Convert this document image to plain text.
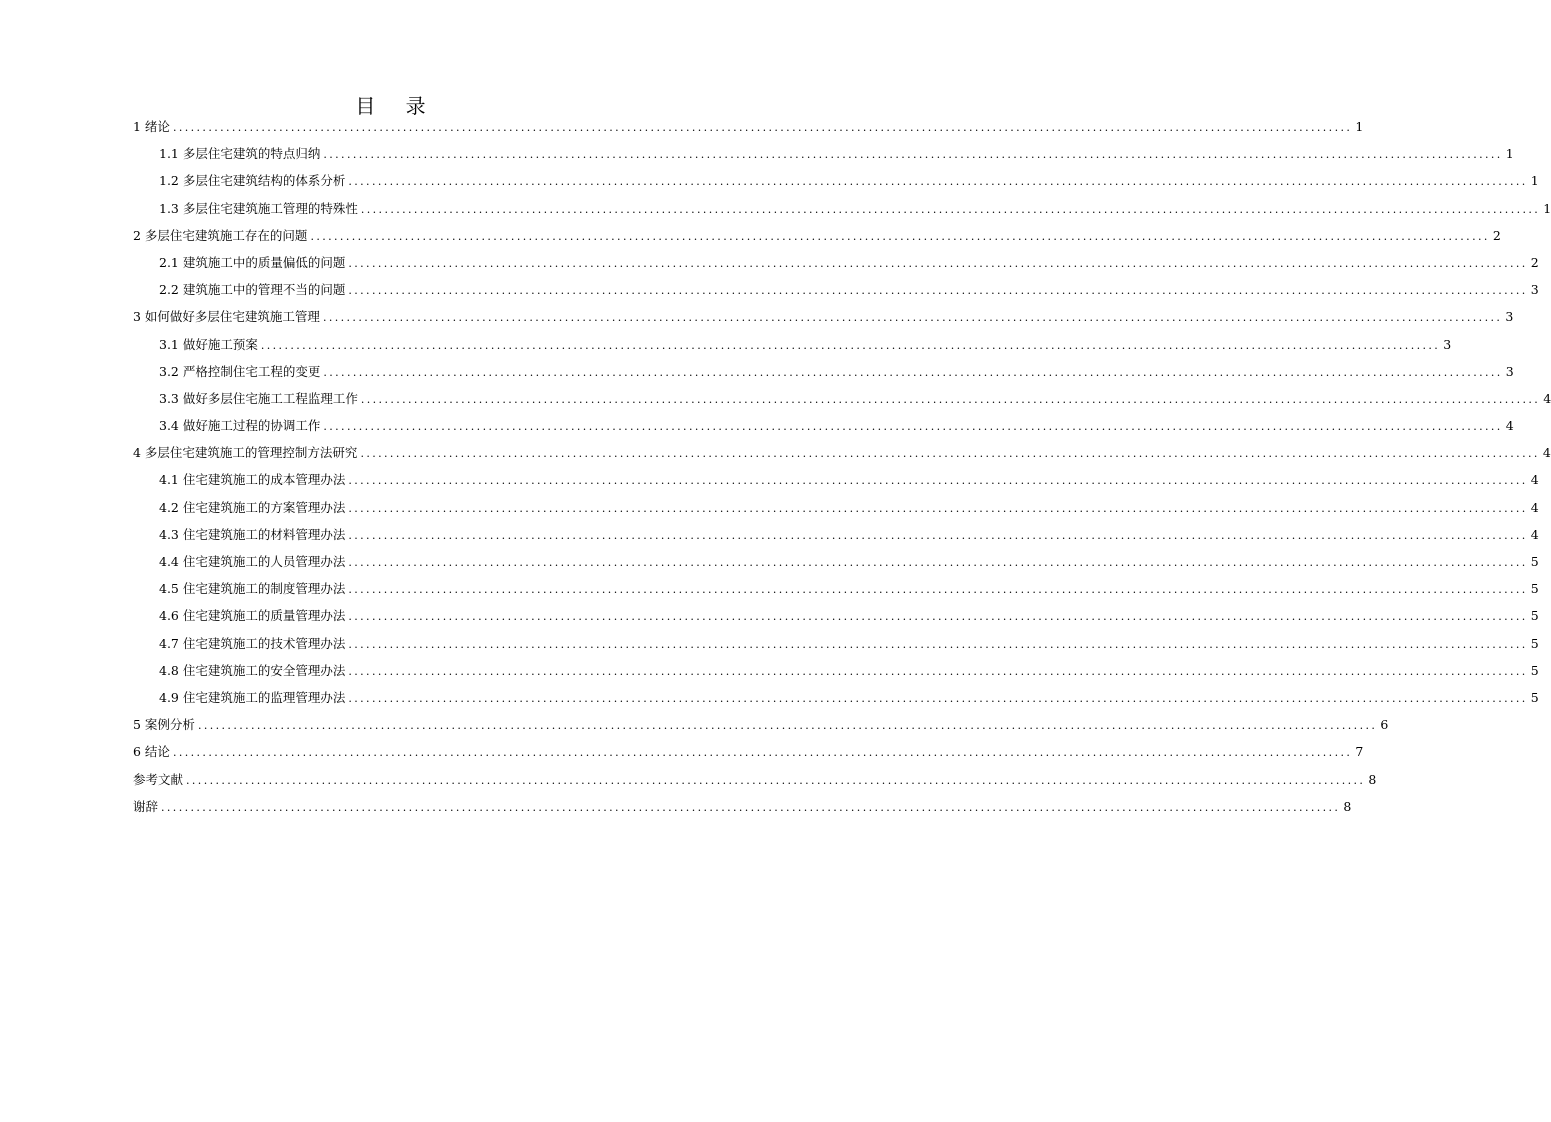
目 录
1 绪论 ........................................................................................................................................................................................................ 1
1.1 多层住宅建筑的特点归纳 ........................................................................................................................................................................................................ 1
1.2 多层住宅建筑结构的体系分析 ........................................................................................................................................................................................................ 1
1.3 多层住宅建筑施工管理的特殊性 ........................................................................................................................................................................................................ 1
2 多层住宅建筑施工存在的问题 ........................................................................................................................................................................................................ 2
2.1 建筑施工中的质量偏低的问题 ........................................................................................................................................................................................................ 2
2.2 建筑施工中的管理不当的问题 ........................................................................................................................................................................................................ 3
3 如何做好多层住宅建筑施工管理 ........................................................................................................................................................................................................ 3
3.1 做好施工预案 ........................................................................................................................................................................................................ 3
3.2 严格控制住宅工程的变更 ........................................................................................................................................................................................................ 3
3.3 做好多层住宅施工工程监理工作 ........................................................................................................................................................................................................ 4
3.4 做好施工过程的协调工作 ........................................................................................................................................................................................................ 4
4 多层住宅建筑施工的管理控制方法研究 ........................................................................................................................................................................................................ 4
4.1 住宅建筑施工的成本管理办法 ........................................................................................................................................................................................................ 4
4.2 住宅建筑施工的方案管理办法 ........................................................................................................................................................................................................ 4
4.3 住宅建筑施工的材料管理办法 ........................................................................................................................................................................................................ 4
4.4 住宅建筑施工的人员管理办法 ........................................................................................................................................................................................................ 5
4.5 住宅建筑施工的制度管理办法 ........................................................................................................................................................................................................ 5
4.6 住宅建筑施工的质量管理办法 ........................................................................................................................................................................................................ 5
4.7 住宅建筑施工的技术管理办法 ........................................................................................................................................................................................................ 5
4.8 住宅建筑施工的安全管理办法 ........................................................................................................................................................................................................ 5
4.9 住宅建筑施工的监理管理办法 ........................................................................................................................................................................................................ 5
5 案例分析 ........................................................................................................................................................................................................ 6
6 结论 ........................................................................................................................................................................................................ 7
参考文献 ........................................................................................................................................................................................................ 8
谢辞 ........................................................................................................................................................................................................ 8
